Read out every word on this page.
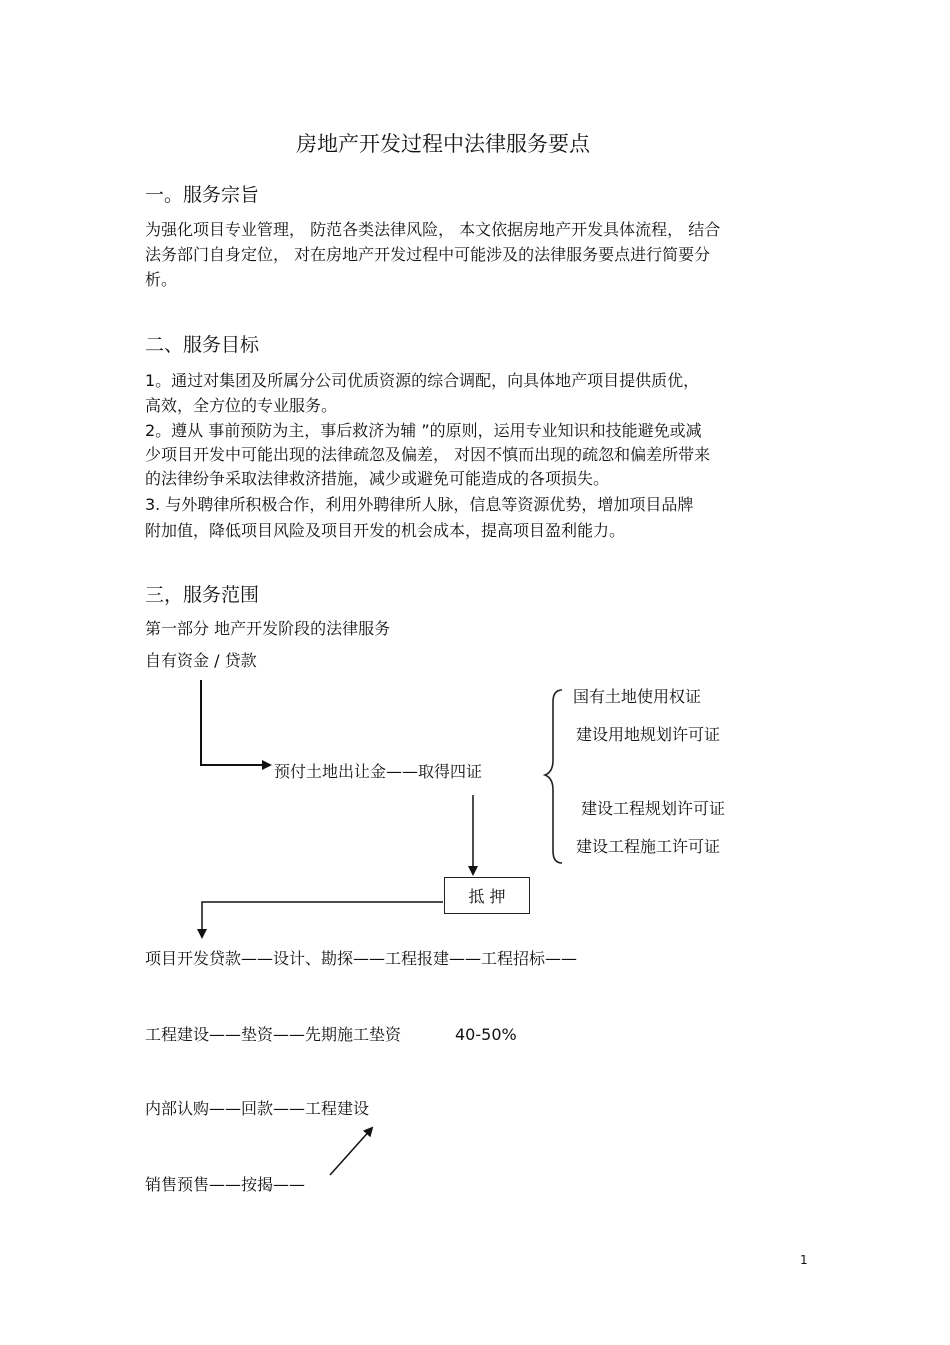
房地产开发过程中法律服务要点
一。服务宗旨
为强化项目专业管理， 防范各类法律风险， 本文依据房地产开发具体流程， 结合
法务部门自身定位， 对在房地产开发过程中可能涉及的法律服务要点进行简要分
析。
二、服务目标
1。通过对集团及所属分公司优质资源的综合调配，向具体地产项目提供质优，
高效，全方位的专业服务。
2。遵从 事前预防为主，事后救济为辅 ”的原则，运用专业知识和技能避免或减
少项目开发中可能出现的法律疏忽及偏差， 对因不慎而出现的疏忽和偏差所带来
的法律纷争采取法律救济措施，减少或避免可能造成的各项损失。
3. 与外聘律所积极合作，利用外聘律所人脉，信息等资源优势，增加项目品牌
附加值，降低项目风险及项目开发的机会成本，提高项目盈利能力。
三，服务范围
第一部分 地产开发阶段的法律服务
自有资金 / 贷款
预付土地出让金——取得四证
国有土地使用权证
建设用地规划许可证
建设工程规划许可证
建设工程施工许可证
抵 押
项目开发贷款——设计、勘探——工程报建——工程招标——
工程建设——垫资——先期施工垫资	40-50%
内部认购——回款——工程建设
销售预售——按揭——
1
